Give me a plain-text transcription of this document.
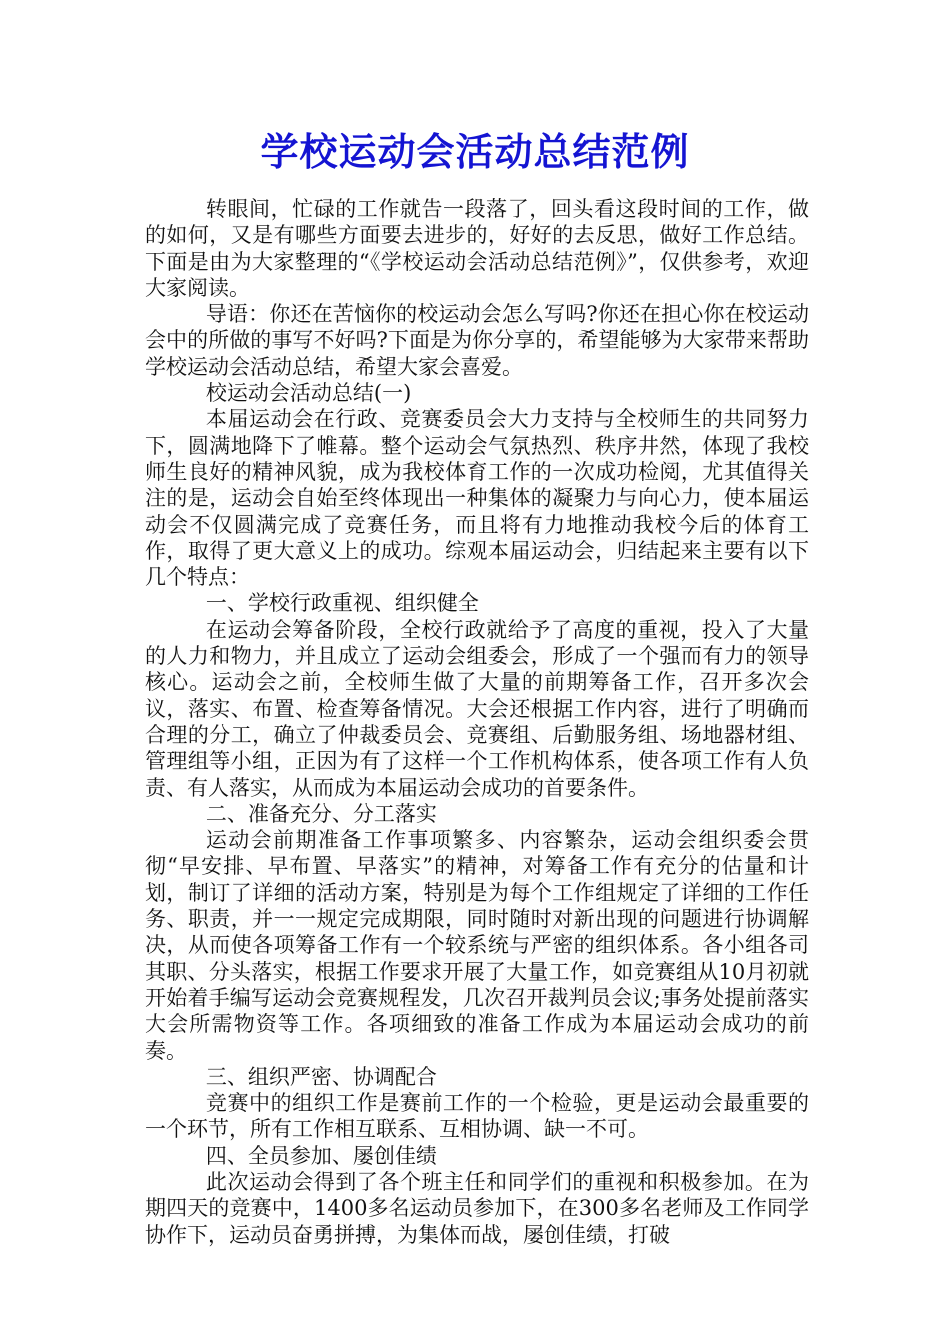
学校运动会活动总结范例

转眼间，忙碌的工作就告一段落了，回头看这段时间的工作，做的如何，又是有哪些方面要去进步的，好好的去反思，做好工作总结。下面是由为大家整理的“《学校运动会活动总结范例》”，仅供参考，欢迎大家阅读。

导语：你还在苦恼你的校运动会怎么写吗?你还在担心你在校运动会中的所做的事写不好吗?下面是为你分享的，希望能够为大家带来帮助学校运动会活动总结，希望大家会喜爱。

校运动会活动总结(一)

本届运动会在行政、竞赛委员会大力支持与全校师生的共同努力下，圆满地降下了帷幕。整个运动会气氛热烈、秩序井然，体现了我校师生良好的精神风貌，成为我校体育工作的一次成功检阅，尤其值得关注的是，运动会自始至终体现出一种集体的凝聚力与向心力，使本届运动会不仅圆满完成了竞赛任务，而且将有力地推动我校今后的体育工作，取得了更大意义上的成功。综观本届运动会，归结起来主要有以下几个特点：

一、学校行政重视、组织健全

在运动会筹备阶段，全校行政就给予了高度的重视，投入了大量的人力和物力，并且成立了运动会组委会，形成了一个强而有力的领导核心。运动会之前，全校师生做了大量的前期筹备工作，召开多次会议，落实、布置、检查筹备情况。大会还根据工作内容，进行了明确而合理的分工，确立了仲裁委员会、竞赛组、后勤服务组、场地器材组、管理组等小组，正因为有了这样一个工作机构体系，使各项工作有人负责、有人落实，从而成为本届运动会成功的首要条件。

二、准备充分、分工落实

运动会前期准备工作事项繁多、内容繁杂，运动会组织委会贯彻“早安排、早布置、早落实”的精神，对筹备工作有充分的估量和计划，制订了详细的活动方案，特别是为每个工作组规定了详细的工作任务、职责，并一一规定完成期限，同时随时对新出现的问题进行协调解决，从而使各项筹备工作有一个较系统与严密的组织体系。各小组各司其职、分头落实，根据工作要求开展了大量工作，如竞赛组从10月初就开始着手编写运动会竞赛规程发，几次召开裁判员会议;事务处提前落实大会所需物资等工作。各项细致的准备工作成为本届运动会成功的前奏。

三、组织严密、协调配合

竞赛中的组织工作是赛前工作的一个检验，更是运动会最重要的一个环节，所有工作相互联系、互相协调、缺一不可。

四、全员参加、屡创佳绩

此次运动会得到了各个班主任和同学们的重视和积极参加。在为期四天的竞赛中，1400多名运动员参加下，在300多名老师及工作同学协作下，运动员奋勇拼搏，为集体而战，屡创佳绩，打破
